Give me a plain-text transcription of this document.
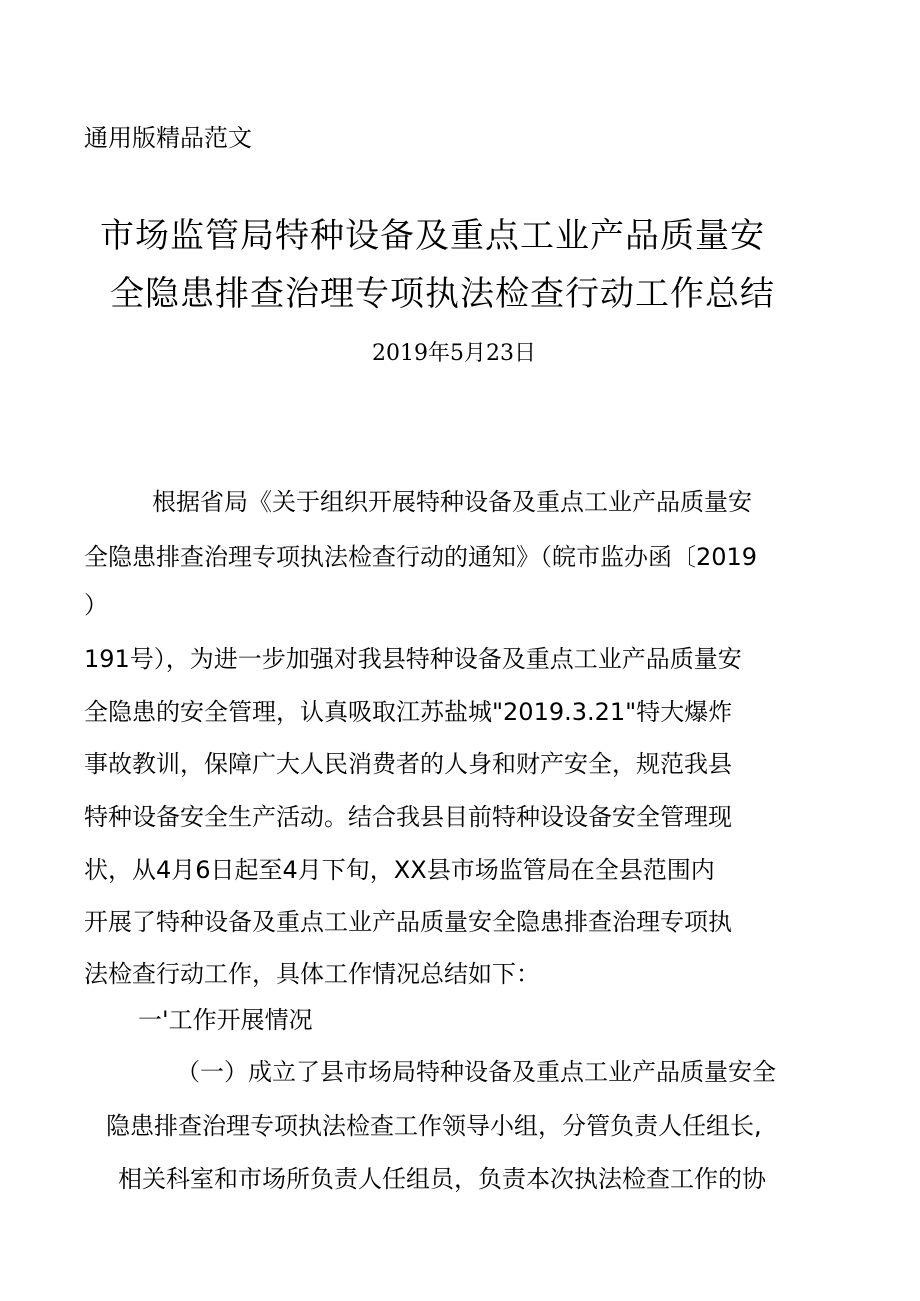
通用版精品范文
市场监管局特种设备及重点工业产品质量安
全隐患排查治理专项执法检查行动工作总结
2019年5月23日
根据省局《关于组织开展特种设备及重点工业产品质量安
全隐患排查治理专项执法检查行动的通知》（皖市监办函〔2019
）
191号），为进一步加强对我县特种设备及重点工业产品质量安
全隐患的安全管理，认真吸取江苏盐城"2019.3.21"特大爆炸
事故教训，保障广大人民消费者的人身和财产安全，规范我县
特种设备安全生产活动。结合我县目前特种设设备安全管理现
状，从4月6日起至4月下旬，XX县市场监管局在全县范围内
开展了特种设备及重点工业产品质量安全隐患排查治理专项执
法检查行动工作，具体工作情况总结如下：
一'工作开展情况
（一）成立了县市场局特种设备及重点工业产品质量安全
隐患排查治理专项执法检查工作领导小组，分管负责人任组长,
相关科室和市场所负责人任组员，负责本次执法检查工作的协
